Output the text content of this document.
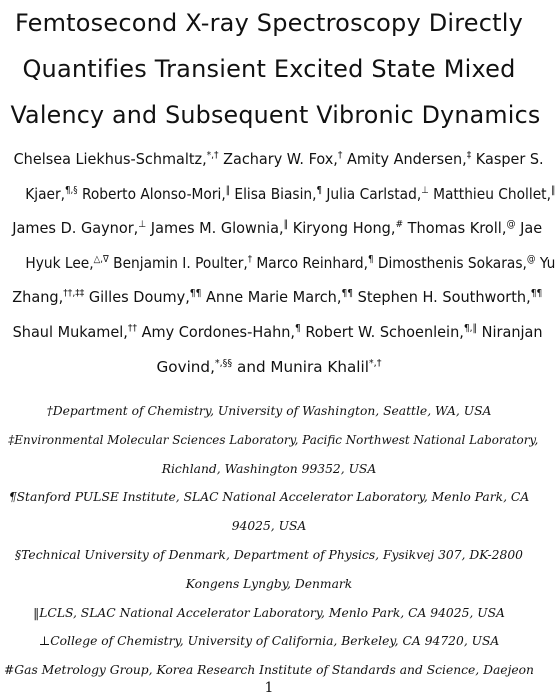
Femtosecond X-ray Spectroscopy Directly
Quantifies Transient Excited State Mixed
Valency and Subsequent Vibronic Dynamics
Chelsea Liekhus-Schmaltz,*,† Zachary W. Fox,† Amity Andersen,‡ Kasper S.
Kjaer,¶,§ Roberto Alonso-Mori,‖ Elisa Biasin,¶ Julia Carlstad,⊥ Matthieu Chollet,‖
James D. Gaynor,⊥ James M. Glownia,‖ Kiryong Hong,# Thomas Kroll,@ Jae
Hyuk Lee,△,∇ Benjamin I. Poulter,† Marco Reinhard,¶ Dimosthenis Sokaras,@ Yu
Zhang,††,‡‡ Gilles Doumy,¶¶ Anne Marie March,¶¶ Stephen H. Southworth,¶¶
Shaul Mukamel,†† Amy Cordones-Hahn,¶ Robert W. Schoenlein,¶,‖ Niranjan
Govind,*,§§ and Munira Khalil*,†
†Department of Chemistry, University of Washington, Seattle, WA, USA
‡Environmental Molecular Sciences Laboratory, Pacific Northwest National Laboratory,
Richland, Washington 99352, USA
¶Stanford PULSE Institute, SLAC National Accelerator Laboratory, Menlo Park, CA
94025, USA
§Technical University of Denmark, Department of Physics, Fysikvej 307, DK-2800
Kongens Lyngby, Denmark
‖LCLS, SLAC National Accelerator Laboratory, Menlo Park, CA 94025, USA
⊥College of Chemistry, University of California, Berkeley, CA 94720, USA
#Gas Metrology Group, Korea Research Institute of Standards and Science, Daejeon
1
